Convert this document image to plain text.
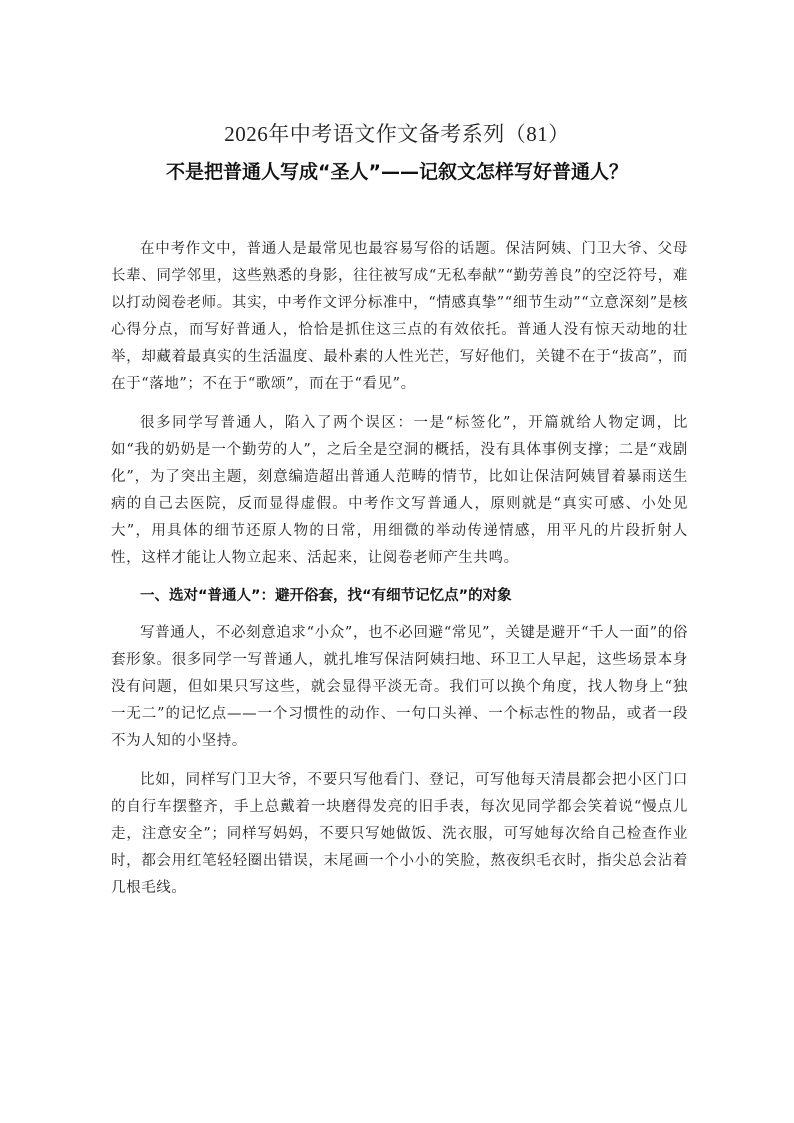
2026年中考语文作文备考系列（81）
不是把普通人写成“圣人”——记叙文怎样写好普通人？

在中考作文中，普通人是最常见也最容易写俗的话题。保洁阿姨、门卫大爷、父母长辈、同学邻里，这些熟悉的身影，往往被写成“无私奉献”“勤劳善良”的空泛符号，难以打动阅卷老师。其实，中考作文评分标准中，“情感真挚”“细节生动”“立意深刻”是核心得分点，而写好普通人，恰恰是抓住这三点的有效依托。普通人没有惊天动地的壮举，却藏着最真实的生活温度、最朴素的人性光芒，写好他们，关键不在于“拔高”，而在于“落地”；不在于“歌颂”，而在于“看见”。

很多同学写普通人，陷入了两个误区：一是“标签化”，开篇就给人物定调，比如“我的奶奶是一个勤劳的人”，之后全是空洞的概括，没有具体事例支撑；二是“戏剧化”，为了突出主题，刻意编造超出普通人范畴的情节，比如让保洁阿姨冒着暴雨送生病的自己去医院，反而显得虚假。中考作文写普通人，原则就是“真实可感、小处见大”，用具体的细节还原人物的日常，用细微的举动传递情感，用平凡的片段折射人性，这样才能让人物立起来、活起来，让阅卷老师产生共鸣。

一、选对“普通人”：避开俗套，找“有细节记忆点”的对象

写普通人，不必刻意追求“小众”，也不必回避“常见”，关键是避开“千人一面”的俗套形象。很多同学一写普通人，就扎堆写保洁阿姨扫地、环卫工人早起，这些场景本身没有问题，但如果只写这些，就会显得平淡无奇。我们可以换个角度，找人物身上“独一无二”的记忆点——一个习惯性的动作、一句口头禅、一个标志性的物品，或者一段不为人知的小坚持。

比如，同样写门卫大爷，不要只写他看门、登记，可写他每天清晨都会把小区门口的自行车摆整齐，手上总戴着一块磨得发亮的旧手表，每次见同学都会笑着说“慢点儿走，注意安全”；同样写妈妈，不要只写她做饭、洗衣服，可写她每次给自己检查作业时，都会用红笔轻轻圈出错误，末尾画一个小小的笑脸，熬夜织毛衣时，指尖总会沾着几根毛线。
